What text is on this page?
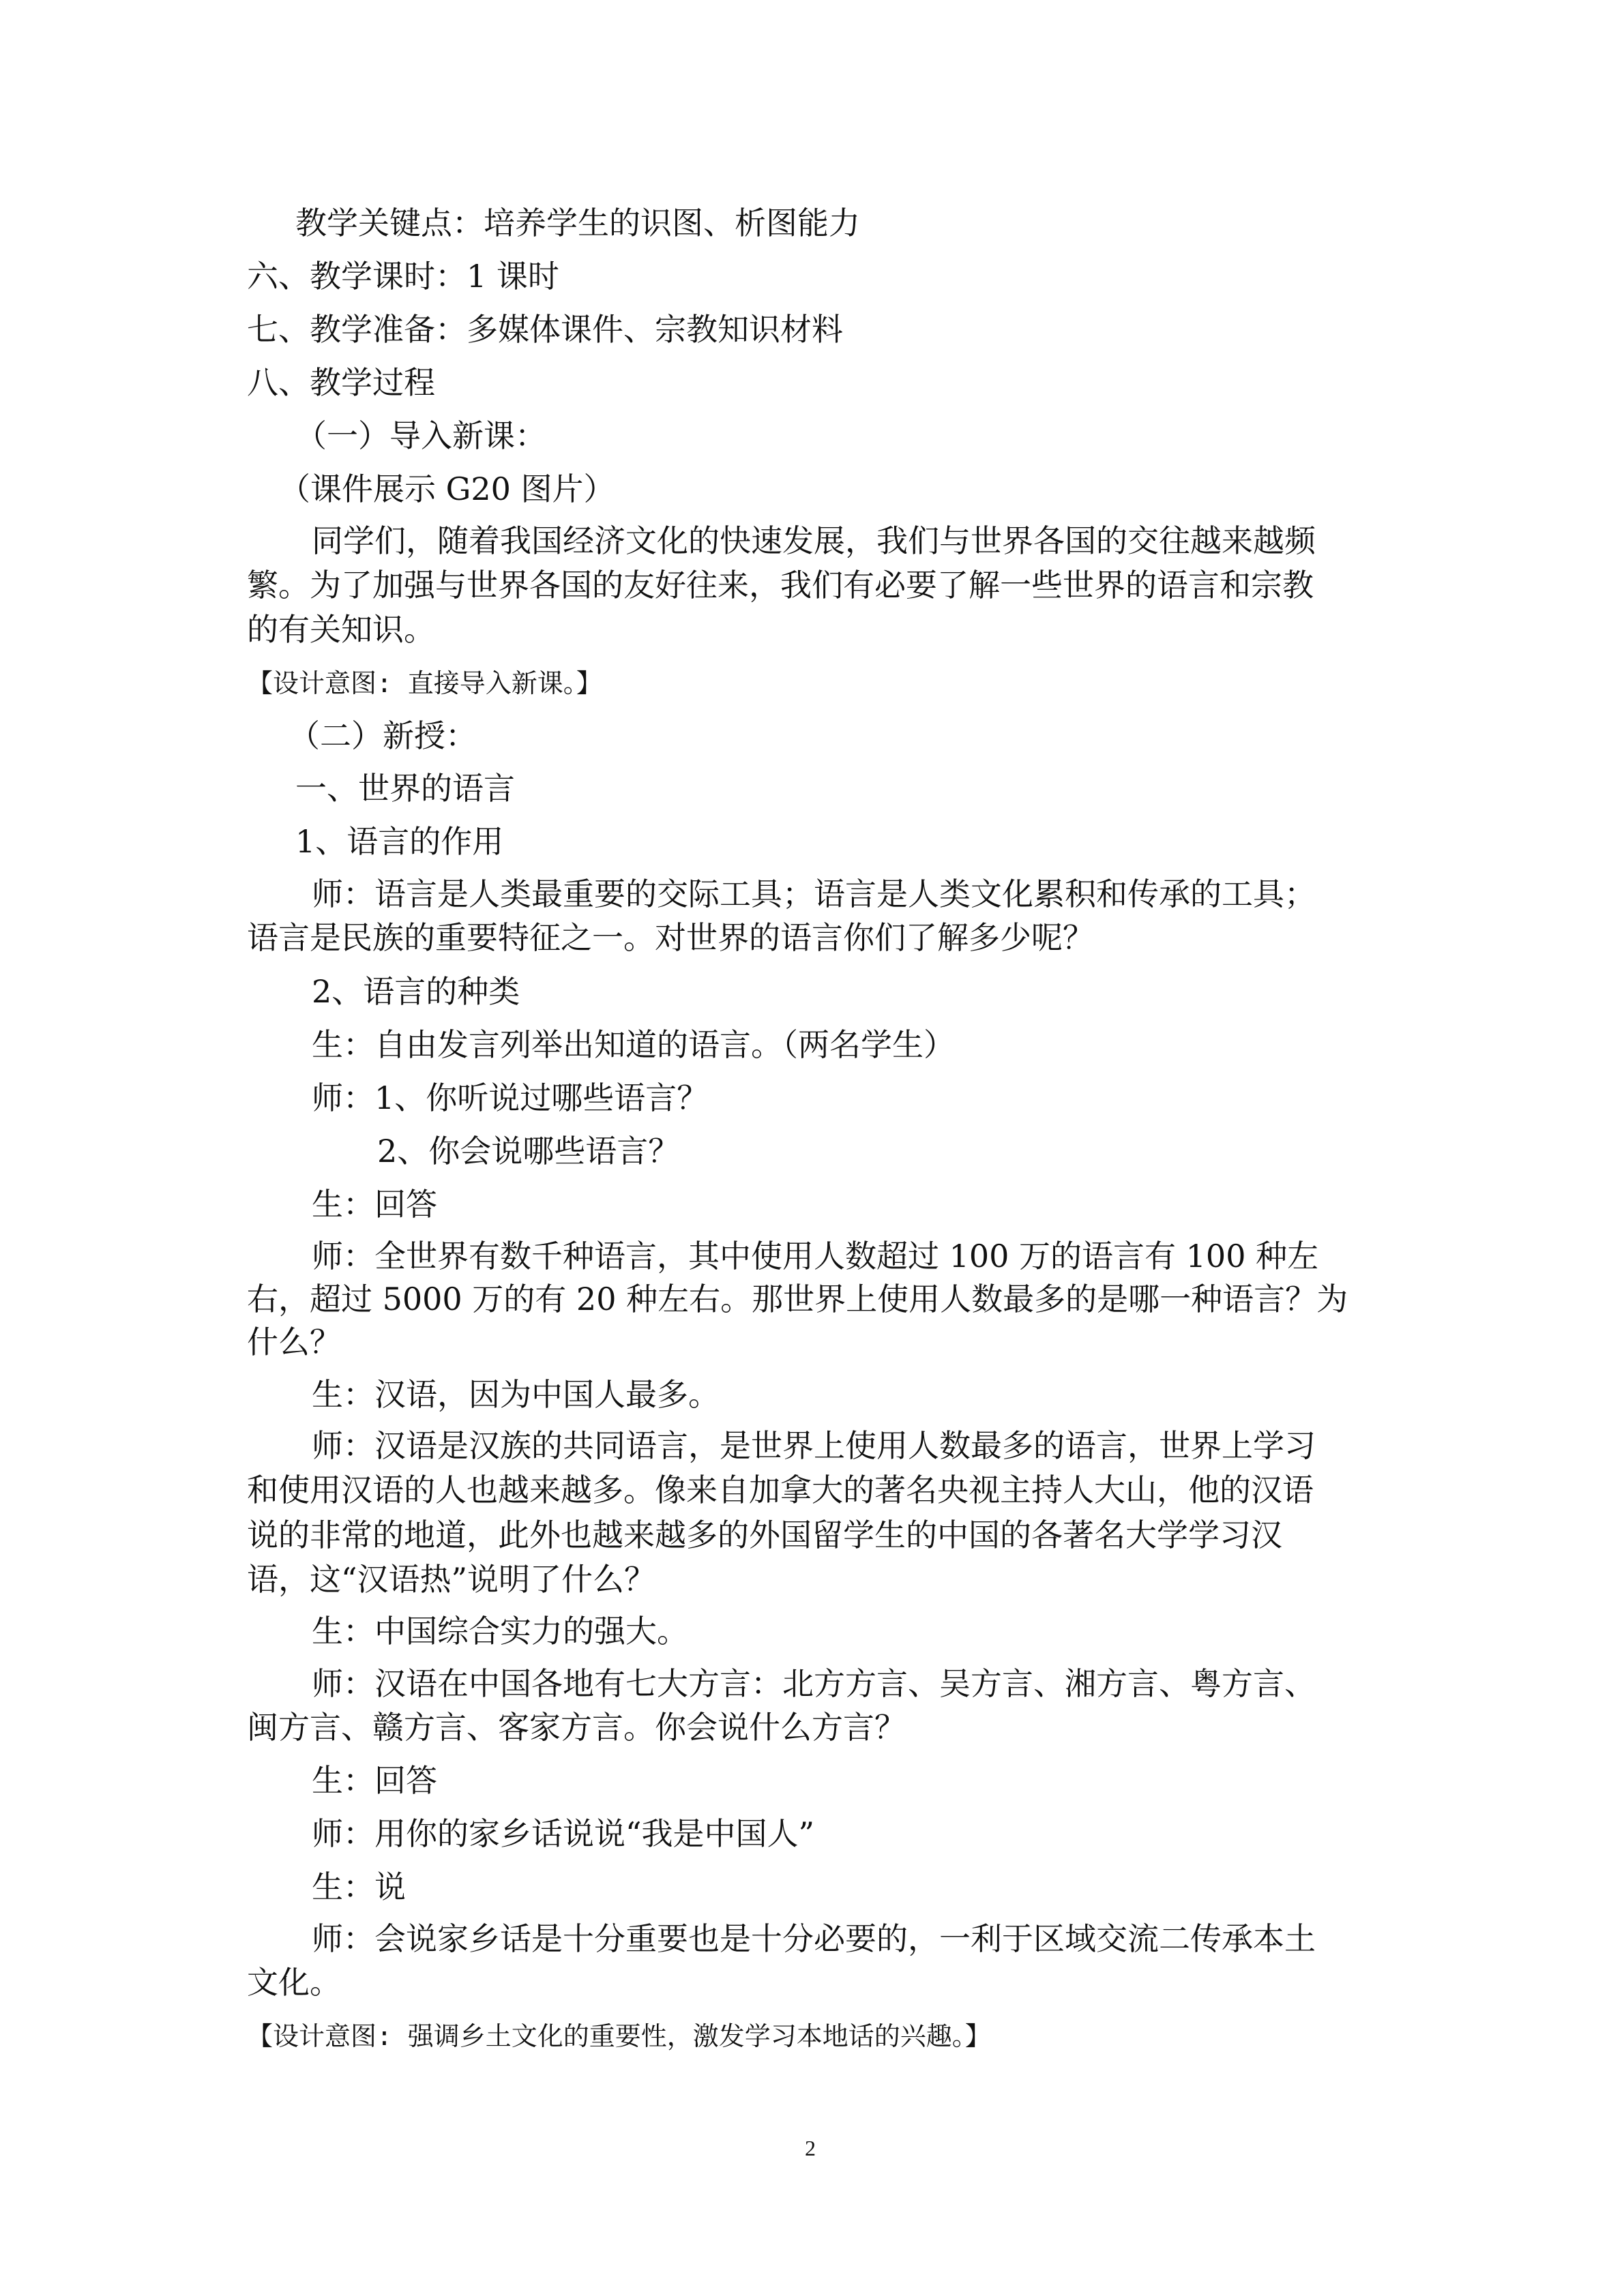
教学关键点：培养学生的识图、析图能力
六、教学课时：1 课时
七、教学准备：多媒体课件、宗教知识材料
八、教学过程
（一）导入新课：
（课件展示 G20 图片）
同学们，随着我国经济文化的快速发展，我们与世界各国的交往越来越频
繁。为了加强与世界各国的友好往来，我们有必要了解一些世界的语言和宗教
的有关知识。
【设计意图: 直接导入新课。】
（二）新授：
一、世界的语言
1、语言的作用
师：语言是人类最重要的交际工具；语言是人类文化累积和传承的工具；
语言是民族的重要特征之一。对世界的语言你们了解多少呢？
2、语言的种类
生：自由发言列举出知道的语言。（两名学生）
师：1、你听说过哪些语言？
2、你会说哪些语言？
生：回答
师：全世界有数千种语言，其中使用人数超过 100 万的语言有 100 种左
右，超过 5000 万的有 20 种左右。那世界上使用人数最多的是哪一种语言？为
什么？
生：汉语，因为中国人最多。
师：汉语是汉族的共同语言，是世界上使用人数最多的语言，世界上学习
和使用汉语的人也越来越多。像来自加拿大的著名央视主持人大山，他的汉语
说的非常的地道，此外也越来越多的外国留学生的中国的各著名大学学习汉
语，这“汉语热”说明了什么？
生：中国综合实力的强大。
师：汉语在中国各地有七大方言：北方方言、吴方言、湘方言、粤方言、
闽方言、赣方言、客家方言。你会说什么方言？
生：回答
师：用你的家乡话说说“我是中国人”
生：说
师：会说家乡话是十分重要也是十分必要的，一利于区域交流二传承本土
文化。
【设计意图: 强调乡土文化的重要性，激发学习本地话的兴趣。】
2
